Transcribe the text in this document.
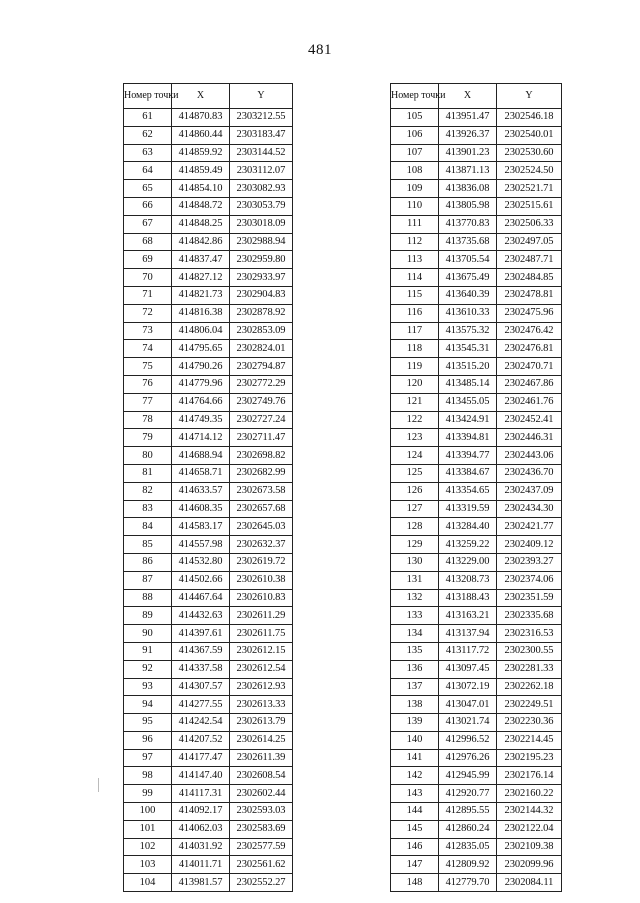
481
Номер точки	X	Y
61	414870.83	2303212.55
62	414860.44	2303183.47
63	414859.92	2303144.52
64	414859.49	2303112.07
65	414854.10	2303082.93
66	414848.72	2303053.79
67	414848.25	2303018.09
68	414842.86	2302988.94
69	414837.47	2302959.80
70	414827.12	2302933.97
71	414821.73	2302904.83
72	414816.38	2302878.92
73	414806.04	2302853.09
74	414795.65	2302824.01
75	414790.26	2302794.87
76	414779.96	2302772.29
77	414764.66	2302749.76
78	414749.35	2302727.24
79	414714.12	2302711.47
80	414688.94	2302698.82
81	414658.71	2302682.99
82	414633.57	2302673.58
83	414608.35	2302657.68
84	414583.17	2302645.03
85	414557.98	2302632.37
86	414532.80	2302619.72
87	414502.66	2302610.38
88	414467.64	2302610.83
89	414432.63	2302611.29
90	414397.61	2302611.75
91	414367.59	2302612.15
92	414337.58	2302612.54
93	414307.57	2302612.93
94	414277.55	2302613.33
95	414242.54	2302613.79
96	414207.52	2302614.25
97	414177.47	2302611.39
98	414147.40	2302608.54
99	414117.31	2302602.44
100	414092.17	2302593.03
101	414062.03	2302583.69
102	414031.92	2302577.59
103	414011.71	2302561.62
104	413981.57	2302552.27
Номер точки	X	Y
105	413951.47	2302546.18
106	413926.37	2302540.01
107	413901.23	2302530.60
108	413871.13	2302524.50
109	413836.08	2302521.71
110	413805.98	2302515.61
111	413770.83	2302506.33
112	413735.68	2302497.05
113	413705.54	2302487.71
114	413675.49	2302484.85
115	413640.39	2302478.81
116	413610.33	2302475.96
117	413575.32	2302476.42
118	413545.31	2302476.81
119	413515.20	2302470.71
120	413485.14	2302467.86
121	413455.05	2302461.76
122	413424.91	2302452.41
123	413394.81	2302446.31
124	413394.77	2302443.06
125	413384.67	2302436.70
126	413354.65	2302437.09
127	413319.59	2302434.30
128	413284.40	2302421.77
129	413259.22	2302409.12
130	413229.00	2302393.27
131	413208.73	2302374.06
132	413188.43	2302351.59
133	413163.21	2302335.68
134	413137.94	2302316.53
135	413117.72	2302300.55
136	413097.45	2302281.33
137	413072.19	2302262.18
138	413047.01	2302249.51
139	413021.74	2302230.36
140	412996.52	2302214.45
141	412976.26	2302195.23
142	412945.99	2302176.14
143	412920.77	2302160.22
144	412895.55	2302144.32
145	412860.24	2302122.04
146	412835.05	2302109.38
147	412809.92	2302099.96
148	412779.70	2302084.11
